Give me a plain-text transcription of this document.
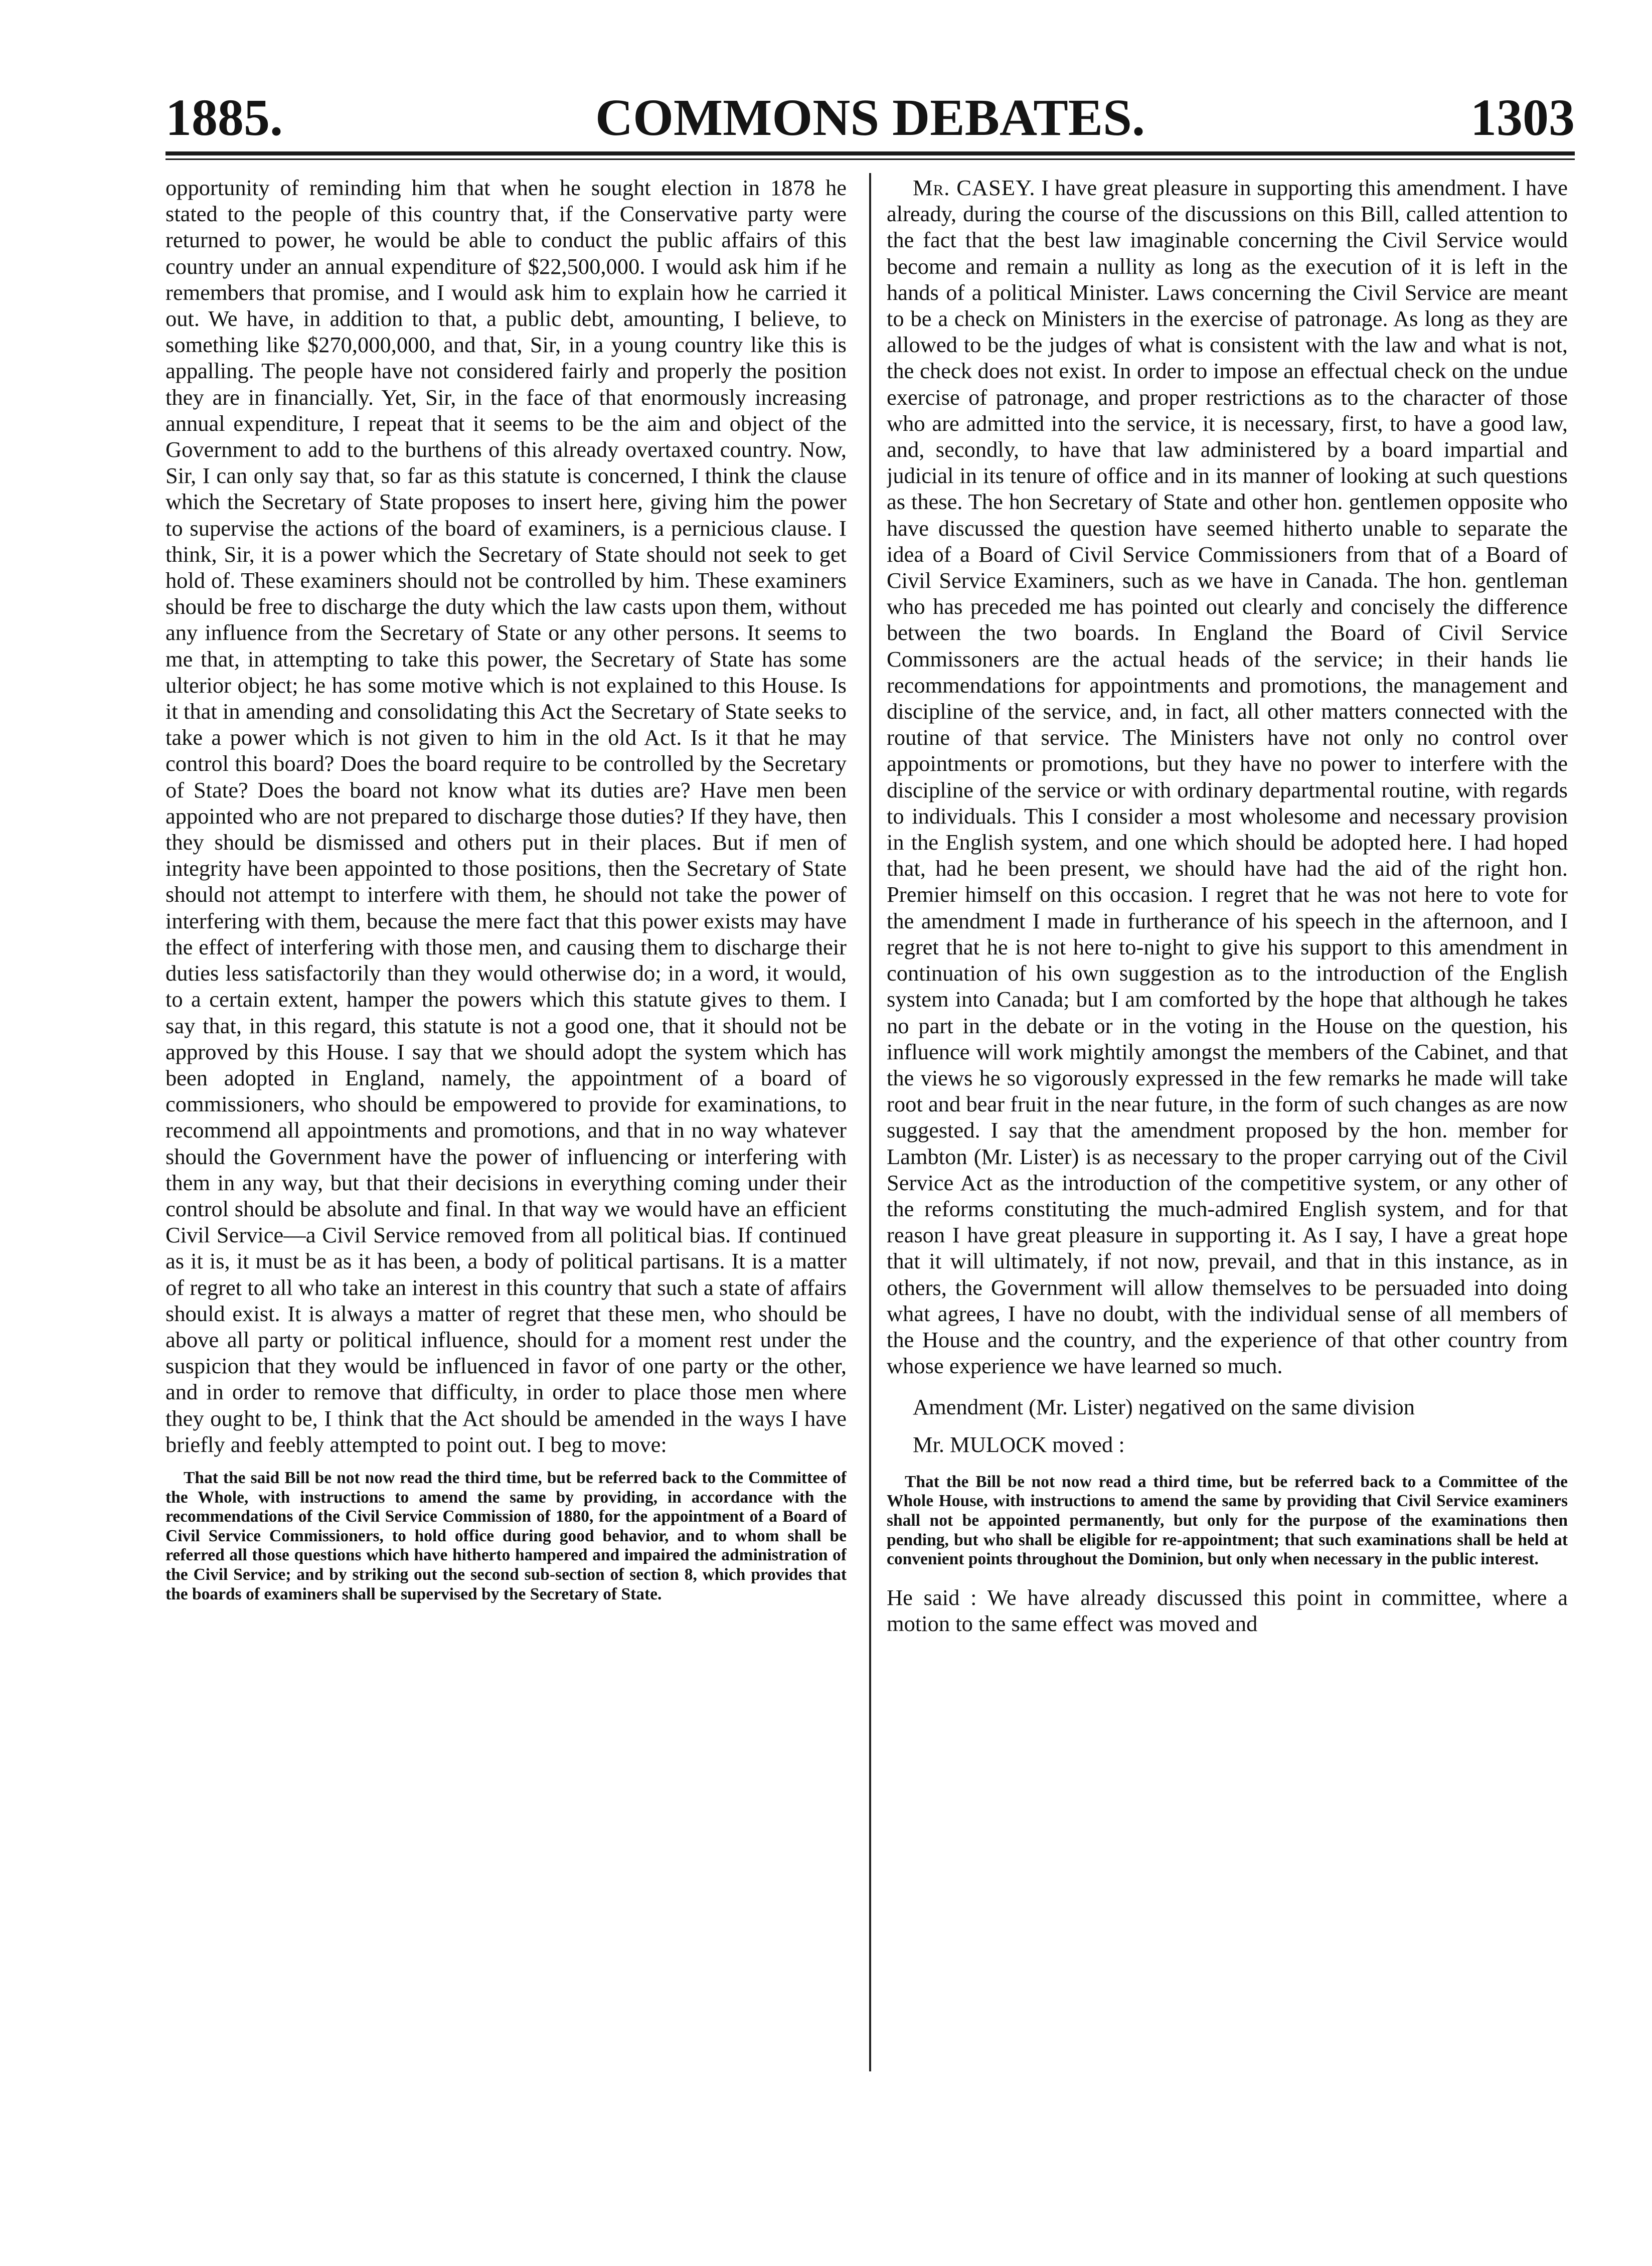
1885.	COMMONS DEBATES.	1303

opportunity of reminding him that when he sought election in 1878 he stated to the people of this country that, if the Conservative party were returned to power, he would be able to conduct the public affairs of this country under an annual expenditure of $22,500,000. I would ask him if he remembers that promise, and I would ask him to explain how he carried it out. We have, in addition to that, a public debt, amounting, I believe, to something like $270,000,000, and that, Sir, in a young country like this is appalling. The people have not considered fairly and properly the position they are in financially. Yet, Sir, in the face of that enormously increasing annual expenditure, I repeat that it seems to be the aim and object of the Government to add to the burthens of this already overtaxed country. Now, Sir, I can only say that, so far as this statute is concerned, I think the clause which the Secretary of State proposes to insert here, giving him the power to supervise the actions of the board of examiners, is a pernicious clause. I think, Sir, it is a power which the Secretary of State should not seek to get hold of. These examiners should not be controlled by him. These examiners should be free to discharge the duty which the law casts upon them, without any influence from the Secretary of State or any other persons. It seems to me that, in attempting to take this power, the Secretary of State has some ulterior object; he has some motive which is not explained to this House. Is it that in amending and consolidating this Act the Secretary of State seeks to take a power which is not given to him in the old Act. Is it that he may control this board? Does the board require to be controlled by the Secretary of State? Does the board not know what its duties are? Have men been appointed who are not prepared to discharge those duties? If they have, then they should be dismissed and others put in their places. But if men of integrity have been appointed to those positions, then the Secretary of State should not attempt to interfere with them, he should not take the power of interfering with them, because the mere fact that this power exists may have the effect of interfering with those men, and causing them to discharge their duties less satisfactorily than they would otherwise do; in a word, it would, to a certain extent, hamper the powers which this statute gives to them. I say that, in this regard, this statute is not a good one, that it should not be approved by this House. I say that we should adopt the system which has been adopted in England, namely, the appointment of a board of commissioners, who should be empowered to provide for examinations, to recommend all appointments and promotions, and that in no way whatever should the Government have the power of influencing or interfering with them in any way, but that their decisions in everything coming under their control should be absolute and final. In that way we would have an efficient Civil Service—a Civil Service removed from all political bias. If continued as it is, it must be as it has been, a body of political partisans. It is a matter of regret to all who take an interest in this country that such a state of affairs should exist. It is always a matter of regret that these men, who should be above all party or political influence, should for a moment rest under the suspicion that they would be influenced in favor of one party or the other, and in order to remove that difficulty, in order to place those men where they ought to be, I think that the Act should be amended in the ways I have briefly and feebly attempted to point out. I beg to move:

That the said Bill be not now read the third time, but be referred back to the Committee of the Whole, with instructions to amend the same by providing, in accordance with the recommendations of the Civil Service Commission of 1880, for the appointment of a Board of Civil Service Commissioners, to hold office during good behavior, and to whom shall be referred all those questions which have hitherto hampered and impaired the administration of the Civil Service; and by striking out the second sub-section of section 8, which provides that the boards of examiners shall be supervised by the Secretary of State.

Mr. CASEY. I have great pleasure in supporting this amendment. I have already, during the course of the discussions on this Bill, called attention to the fact that the best law imaginable concerning the Civil Service would become and remain a nullity as long as the execution of it is left in the hands of a political Minister. Laws concerning the Civil Service are meant to be a check on Ministers in the exercise of patronage. As long as they are allowed to be the judges of what is consistent with the law and what is not, the check does not exist. In order to impose an effectual check on the undue exercise of patronage, and proper restrictions as to the character of those who are admitted into the service, it is necessary, first, to have a good law, and, secondly, to have that law administered by a board impartial and judicial in its tenure of office and in its manner of looking at such questions as these. The hon Secretary of State and other hon. gentlemen opposite who have discussed the question have seemed hitherto unable to separate the idea of a Board of Civil Service Commissioners from that of a Board of Civil Service Examiners, such as we have in Canada. The hon. gentleman who has preceded me has pointed out clearly and concisely the difference between the two boards. In England the Board of Civil Service Commissoners are the actual heads of the service; in their hands lie recommendations for appointments and promotions, the management and discipline of the service, and, in fact, all other matters connected with the routine of that service. The Ministers have not only no control over appointments or promotions, but they have no power to interfere with the discipline of the service or with ordinary departmental routine, with regards to individuals. This I consider a most wholesome and necessary provision in the English system, and one which should be adopted here. I had hoped that, had he been present, we should have had the aid of the right hon. Premier himself on this occasion. I regret that he was not here to vote for the amendment I made in furtherance of his speech in the afternoon, and I regret that he is not here to-night to give his support to this amendment in continuation of his own suggestion as to the introduction of the English system into Canada; but I am comforted by the hope that although he takes no part in the debate or in the voting in the House on the question, his influence will work mightily amongst the members of the Cabinet, and that the views he so vigorously expressed in the few remarks he made will take root and bear fruit in the near future, in the form of such changes as are now suggested. I say that the amendment proposed by the hon. member for Lambton (Mr. Lister) is as necessary to the proper carrying out of the Civil Service Act as the introduction of the competitive system, or any other of the reforms constituting the much-admired English system, and for that reason I have great pleasure in supporting it. As I say, I have a great hope that it will ultimately, if not now, prevail, and that in this instance, as in others, the Government will allow themselves to be persuaded into doing what agrees, I have no doubt, with the individual sense of all members of the House and the country, and the experience of that other country from whose experience we have learned so much.

Amendment (Mr. Lister) negatived on the same division

Mr. MULOCK moved :

That the Bill be not now read a third time, but be referred back to a Committee of the Whole House, with instructions to amend the same by providing that Civil Service examiners shall not be appointed permanently, but only for the purpose of the examinations then pending, but who shall be eligible for re-appointment; that such examinations shall be held at convenient points throughout the Dominion, but only when necessary in the public interest.

He said : We have already discussed this point in committee, where a motion to the same effect was moved and
